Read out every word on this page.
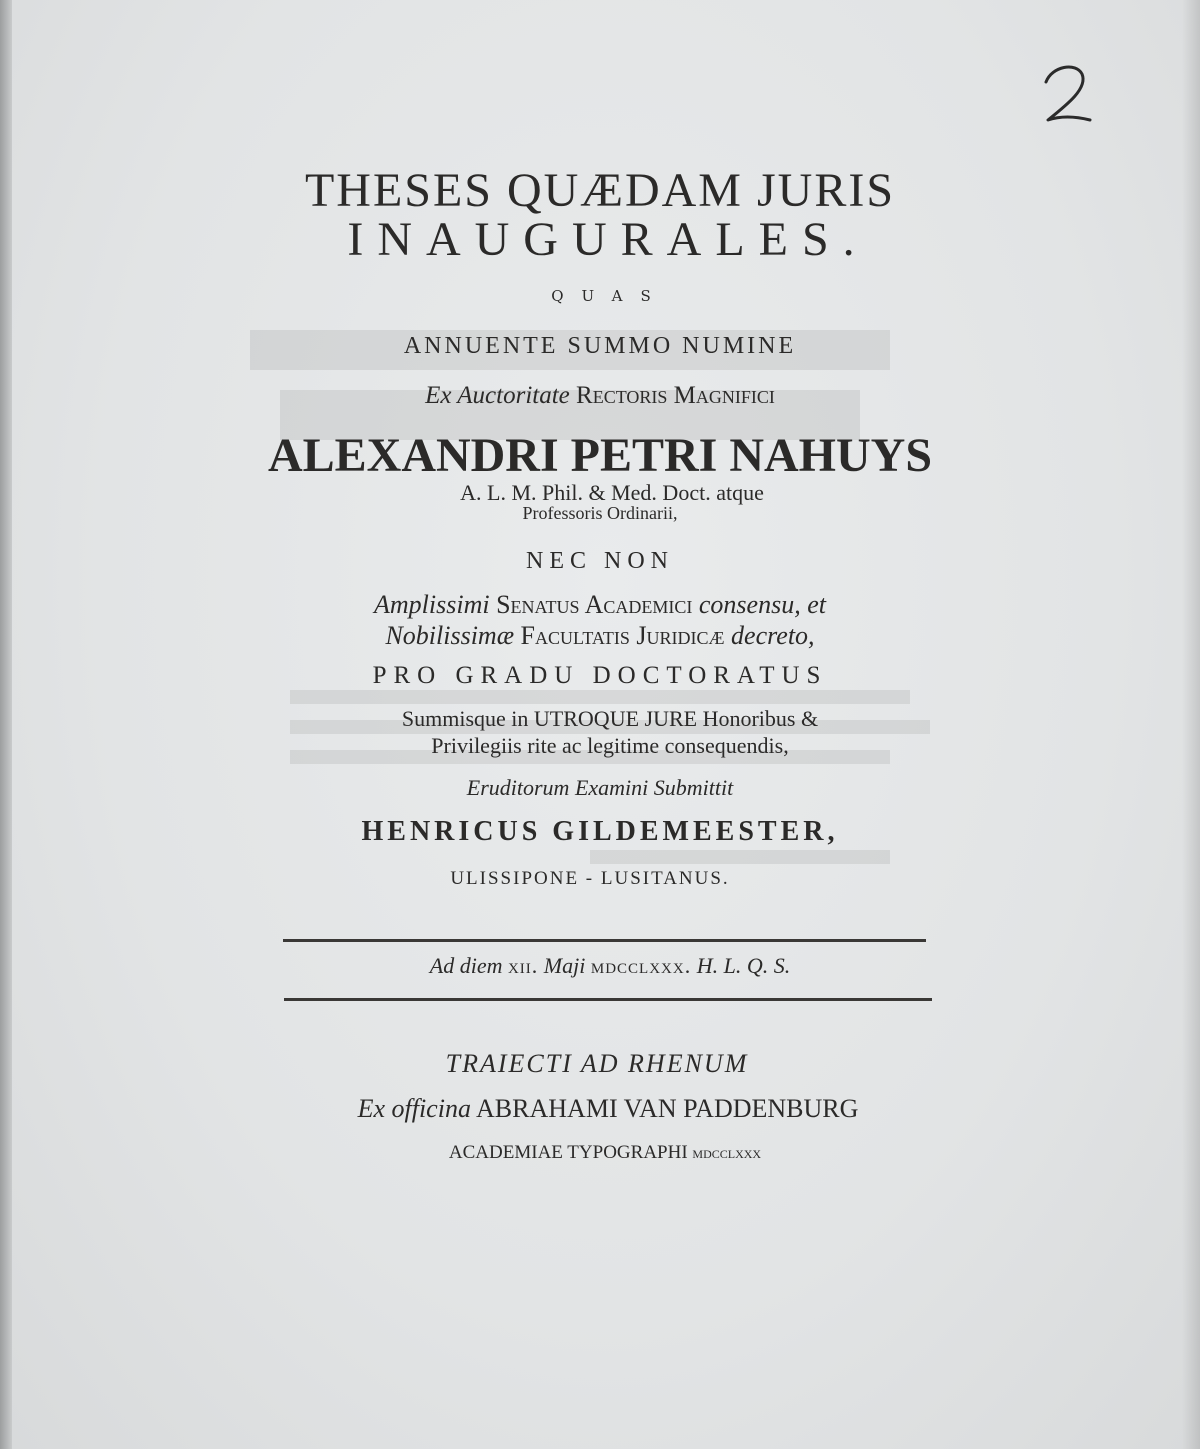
THESES QUÆDAM JURIS
INAUGURALES.
QUAS
ANNUENTE SUMMO NUMINE
Ex Auctoritate Rectoris Magnifici
ALEXANDRI PETRI NAHUYS
A. L. M. Phil. & Med. Doct. atque
Professoris Ordinarii,
NEC NON
Amplissimi Senatus Academici consensu, et
Nobilissimæ Facultatis Juridicæ decreto,
PRO GRADU DOCTORATUS
Summisque in UTROQUE JURE Honoribus &
Privilegiis rite ac legitime consequendis,
Eruditorum Examini Submittit
HENRICUS GILDEMEESTER,
ULISSIPONE - LUSITANUS.
Ad diem xii. Maji mdcclxxx. H. L. Q. S.
TRAIECTI AD RHENUM
Ex officina ABRAHAMI VAN PADDENBURG
ACADEMIAE TYPOGRAPHI mdcclxxx
